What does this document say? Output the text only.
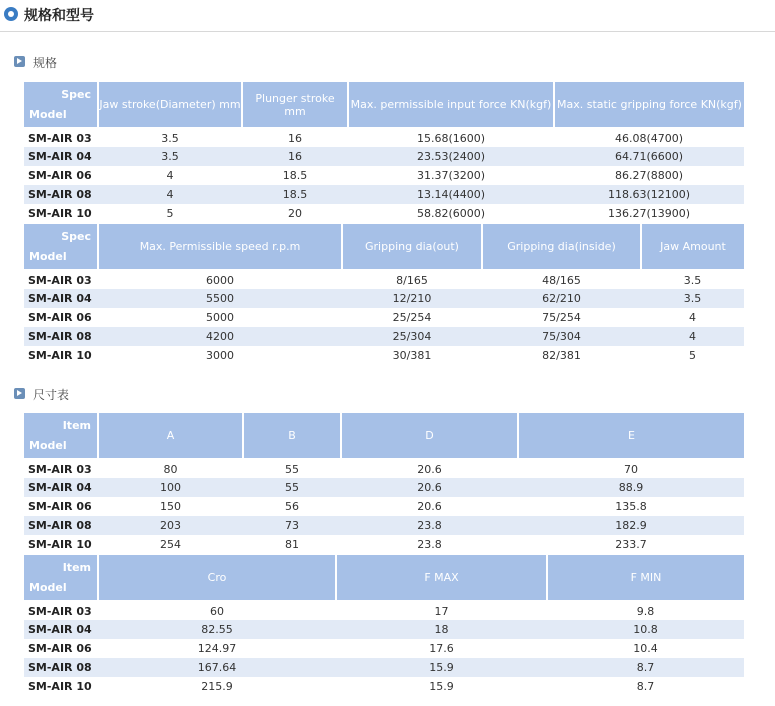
规格和型号
规格
Spec
Model	Jaw stroke(Diameter) mm	Plunger stroke mm	Max. permissible input force KN(kgf)	Max. static gripping force KN(kgf)
SM-AIR 03	3.5	16	15.68(1600)	46.08(4700)
SM-AIR 04	3.5	16	23.53(2400)	64.71(6600)
SM-AIR 06	4	18.5	31.37(3200)	86.27(8800)
SM-AIR 08	4	18.5	13.14(4400)	118.63(12100)
SM-AIR 10	5	20	58.82(6000)	136.27(13900)
Spec
Model	Max. Permissible speed r.p.m	Gripping dia(out)	Gripping dia(inside)	Jaw Amount
SM-AIR 03	6000	8/165	48/165	3.5
SM-AIR 04	5500	12/210	62/210	3.5
SM-AIR 06	5000	25/254	75/254	4
SM-AIR 08	4200	25/304	75/304	4
SM-AIR 10	3000	30/381	82/381	5
尺寸表
Item
Model	A	B	D	E
SM-AIR 03	80	55	20.6	70
SM-AIR 04	100	55	20.6	88.9
SM-AIR 06	150	56	20.6	135.8
SM-AIR 08	203	73	23.8	182.9
SM-AIR 10	254	81	23.8	233.7
Item
Model	Cro	F MAX	F MIN
SM-AIR 03	60	17	9.8
SM-AIR 04	82.55	18	10.8
SM-AIR 06	124.97	17.6	10.4
SM-AIR 08	167.64	15.9	8.7
SM-AIR 10	215.9	15.9	8.7
